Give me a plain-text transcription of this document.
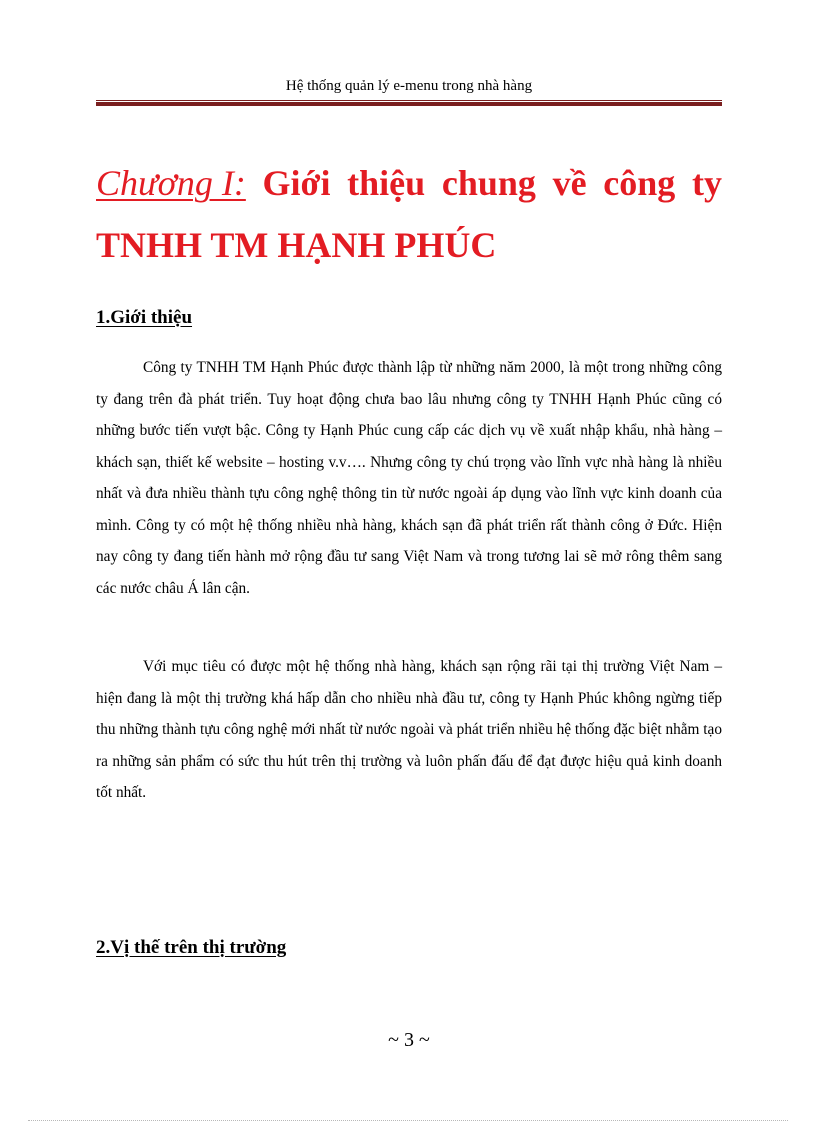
Hệ thống quản lý e-menu trong nhà hàng
Chương I: Giới thiệu chung về công ty
TNHH TM HẠNH PHÚC
1.Giới thiệu

Công ty TNHH TM Hạnh Phúc được thành lập từ những năm 2000, là một trong những công ty đang trên đà phát triển. Tuy hoạt động chưa bao lâu nhưng công ty TNHH Hạnh Phúc cũng có những bước tiến vượt bậc. Công ty Hạnh Phúc cung cấp các dịch vụ về xuất nhập khẩu, nhà hàng – khách sạn, thiết kế website – hosting v.v…. Nhưng công ty chú trọng vào lĩnh vực nhà hàng là nhiều nhất và đưa nhiều thành tựu công nghệ thông tin từ nước ngoài áp dụng vào lĩnh vực kinh doanh của mình. Công ty có một hệ thống nhiều nhà hàng, khách sạn đã phát triển rất thành công ở Đức. Hiện nay công ty đang tiến hành mở rộng đầu tư sang Việt Nam và trong tương lai sẽ mở rông thêm sang các nước châu Á lân cận.

Với mục tiêu có được một hệ thống nhà hàng, khách sạn rộng rãi tại thị trường Việt Nam – hiện đang là một thị trường khá hấp dẫn cho nhiều nhà đầu tư, công ty Hạnh Phúc không ngừng tiếp thu những thành tựu công nghệ mới nhất từ nước ngoài và phát triển nhiều hệ thống đặc biệt nhằm tạo ra những sản phẩm có sức thu hút trên thị trường và luôn phấn đấu để đạt được hiệu quả kinh doanh tốt nhất.

2.Vị thế trên thị trường
~ 3 ~
